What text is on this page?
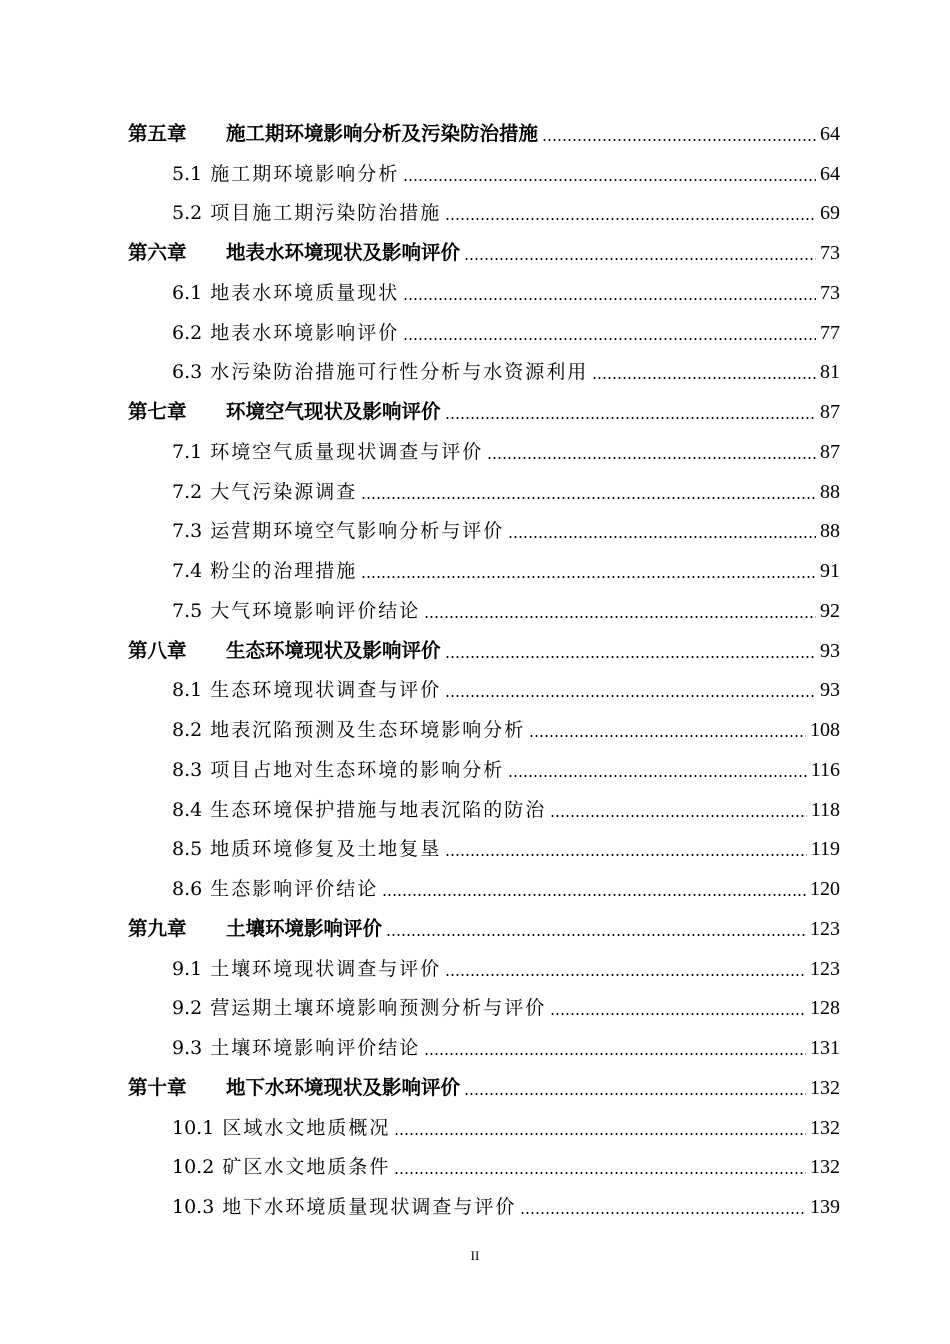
第五章	施工期环境影响分析及污染防治措施	64
5.1 施工期环境影响分析	64
5.2 项目施工期污染防治措施	69
第六章	地表水环境现状及影响评价	73
6.1 地表水环境质量现状	73
6.2 地表水环境影响评价	77
6.3 水污染防治措施可行性分析与水资源利用	81
第七章	环境空气现状及影响评价	87
7.1 环境空气质量现状调查与评价	87
7.2 大气污染源调查	88
7.3 运营期环境空气影响分析与评价	88
7.4 粉尘的治理措施	91
7.5 大气环境影响评价结论	92
第八章	生态环境现状及影响评价	93
8.1 生态环境现状调查与评价	93
8.2 地表沉陷预测及生态环境影响分析	108
8.3 项目占地对生态环境的影响分析	116
8.4 生态环境保护措施与地表沉陷的防治	118
8.5 地质环境修复及土地复垦	119
8.6 生态影响评价结论	120
第九章	土壤环境影响评价	123
9.1 土壤环境现状调查与评价	123
9.2 营运期土壤环境影响预测分析与评价	128
9.3 土壤环境影响评价结论	131
第十章	地下水环境现状及影响评价	132
10.1 区域水文地质概况	132
10.2 矿区水文地质条件	132
10.3 地下水环境质量现状调查与评价	139
II
